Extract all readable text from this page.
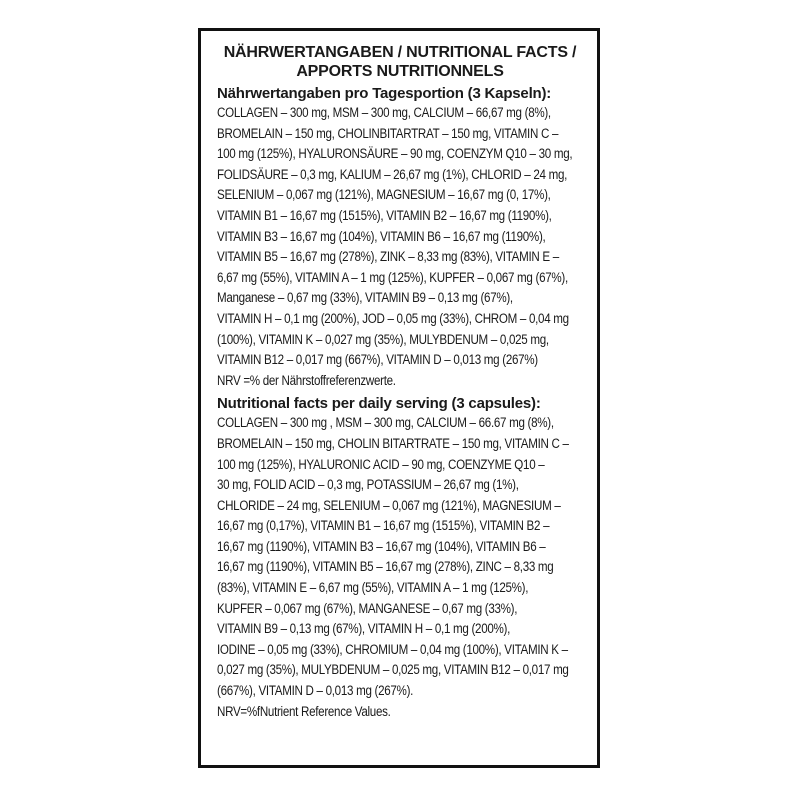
NÄHRWERTANGABEN / NUTRITIONAL FACTS /
APPORTS NUTRITIONNELS
Nährwertangaben pro Tagesportion (3 Kapseln):
COLLAGEN – 300 mg, MSM – 300 mg, CALCIUM – 66,67 mg (8%),
BROMELAIN – 150 mg, CHOLINBITARTRAT – 150 mg, VITAMIN C –
100 mg (125%), HYALURONSÄURE – 90 mg, COENZYM Q10 – 30 mg,
FOLIDSÄURE – 0,3 mg, KALIUM – 26,67 mg (1%), CHLORID – 24 mg,
SELENIUM – 0,067 mg (121%), MAGNESIUM – 16,67 mg (0, 17%),
VITAMIN B1 – 16,67 mg (1515%), VITAMIN B2 – 16,67 mg (1190%),
VITAMIN B3 – 16,67 mg (104%), VITAMIN B6 – 16,67 mg (1190%),
VITAMIN B5 – 16,67 mg (278%), ZINK – 8,33 mg (83%), VITAMIN E –
6,67 mg (55%), VITAMIN A – 1 mg (125%), KUPFER – 0,067 mg (67%),
Manganese – 0,67 mg (33%), VITAMIN B9 – 0,13 mg (67%),
VITAMIN H – 0,1 mg (200%), JOD – 0,05 mg (33%), CHROM – 0,04 mg
(100%), VITAMIN K – 0,027 mg (35%), MULYBDENUM – 0,025 mg,
VITAMIN B12 – 0,017 mg (667%), VITAMIN D – 0,013 mg (267%)
NRV =% der Nährstoffreferenzwerte.
Nutritional facts per daily serving (3 capsules):
COLLAGEN – 300 mg , MSM – 300 mg, CALCIUM – 66.67 mg (8%),
BROMELAIN – 150 mg, CHOLIN BITARTRATE – 150 mg, VITAMIN C –
100 mg (125%), HYALURONIC ACID – 90 mg, COENZYME Q10 –
30 mg, FOLID ACID – 0,3 mg, POTASSIUM – 26,67 mg (1%),
CHLORIDE – 24 mg, SELENIUM – 0,067 mg (121%), MAGNESIUM –
16,67 mg (0,17%), VITAMIN B1 – 16,67 mg (1515%), VITAMIN B2 –
16,67 mg (1190%), VITAMIN B3 – 16,67 mg (104%), VITAMIN B6 –
16,67 mg (1190%), VITAMIN B5 – 16,67 mg (278%), ZINC – 8,33 mg
(83%), VITAMIN E – 6,67 mg (55%), VITAMIN A – 1 mg (125%),
KUPFER – 0,067 mg (67%), MANGANESE – 0,67 mg (33%),
VITAMIN B9 – 0,13 mg (67%), VITAMIN H – 0,1 mg (200%),
IODINE – 0,05 mg (33%), CHROMIUM – 0,04 mg (100%), VITAMIN K –
0,027 mg (35%), MULYBDENUM – 0,025 mg, VITAMIN B12 – 0,017 mg
(667%), VITAMIN D – 0,013 mg (267%).
NRV=%fNutrient Reference Values.
